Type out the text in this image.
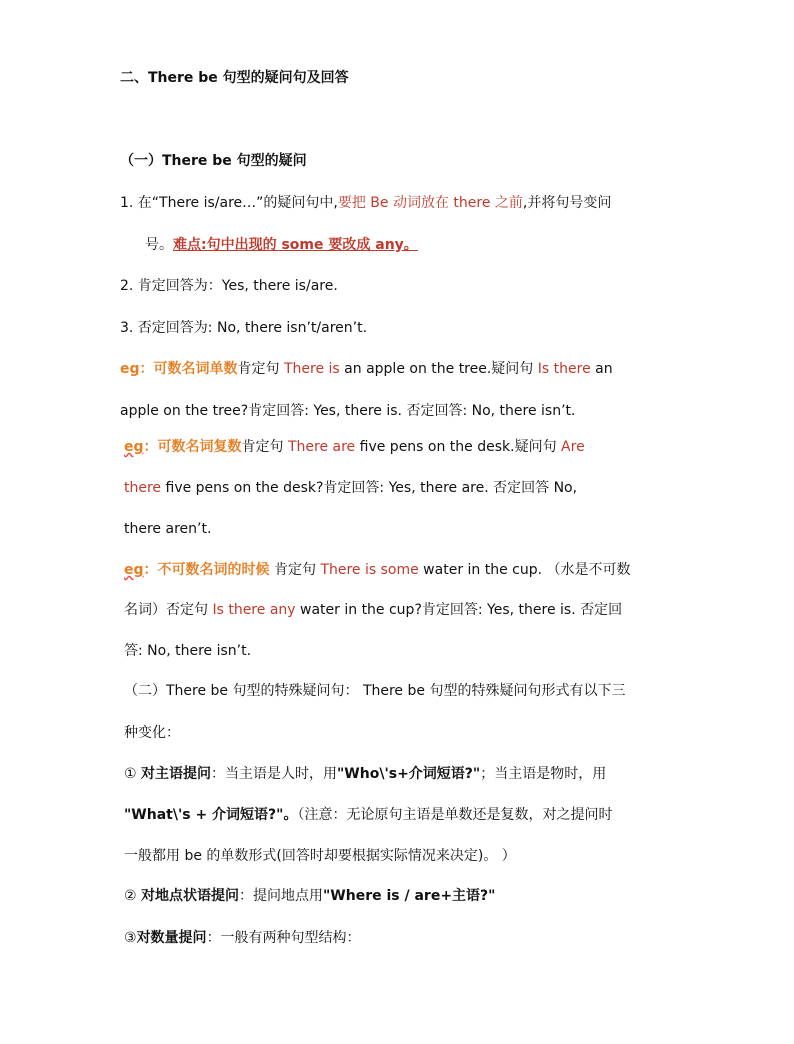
二、There be 句型的疑问句及回答
（一）There be 句型的疑问
1. 在“There is/are…”的疑问句中,要把 Be 动词放在 there 之前,并将句号变问
号。难点:句中出现的 some 要改成 any。
2. 肯定回答为：Yes, there is/are.
3. 否定回答为: No, there isn’t/aren’t.
eg：可数名词单数肯定句 There is an apple on the tree.疑问句 Is there an
apple on the tree?肯定回答: Yes, there is. 否定回答: No, there isn’t.
eg：可数名词复数肯定句 There are five pens on the desk.疑问句 Are
there five pens on the desk?肯定回答: Yes, there are. 否定回答 No,
there aren’t.
eg：不可数名词的时候 肯定句 There is some water in the cup. （水是不可数
名词）否定句 Is there any water in the cup?肯定回答: Yes, there is. 否定回
答: No, there isn’t.
（二）There be 句型的特殊疑问句： There be 句型的特殊疑问句形式有以下三
种变化：
① 对主语提问：当主语是人时，用"Who\'s+介词短语?"；当主语是物时，用
"What\'s + 介词短语?"。（注意：无论原句主语是单数还是复数，对之提问时
一般都用 be 的单数形式(回答时却要根据实际情况来决定)。 ）
② 对地点状语提问：提问地点用"Where is / are+主语?"
③对数量提问：一般有两种句型结构：
